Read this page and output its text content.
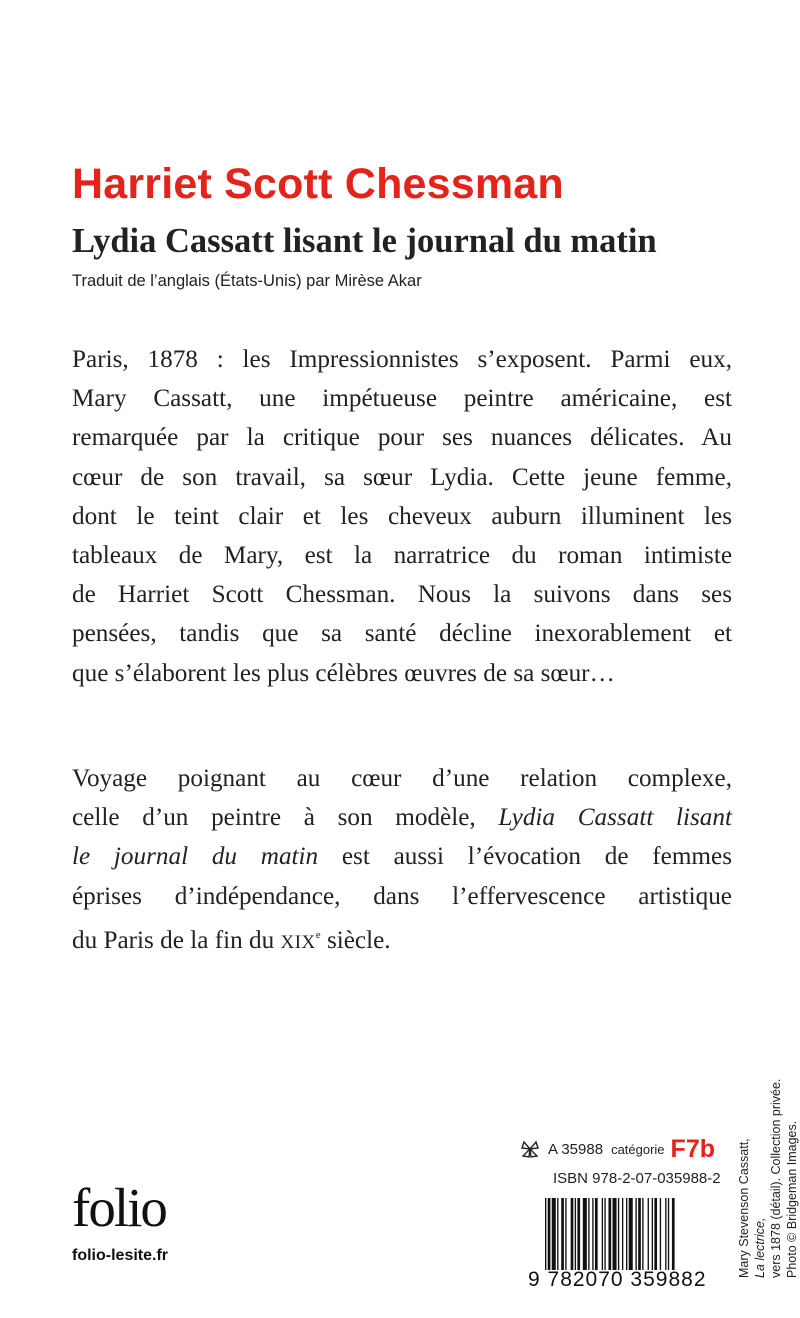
Harriet Scott Chessman
Lydia Cassatt lisant le journal du matin

Traduit de l’anglais (États-Unis) par Mirèse Akar

Paris, 1878 : les Impressionnistes s’exposent. Parmi eux,
Mary Cassatt, une impétueuse peintre américaine, est
remarquée par la critique pour ses nuances délicates. Au
cœur de son travail, sa sœur Lydia. Cette jeune femme,
dont le teint clair et les cheveux auburn illuminent les
tableaux de Mary, est la narratrice du roman intimiste
de Harriet Scott Chessman. Nous la suivons dans ses
pensées, tandis que sa santé décline inexorablement et
que s’élaborent les plus célèbres œuvres de sa sœur…
Voyage poignant au cœur d’une relation complexe,
celle d’un peintre à son modèle, Lydia Cassatt lisant
le journal du matin est aussi l’évocation de femmes
éprises d’indépendance, dans l’effervescence artistique
du Paris de la fin du XIXe siècle.
folio
folio-lesite.fr
A 35988 catégorie F7b
ISBN 978-2-07-035988-2
9 782070 359882
Mary Stevenson Cassatt, La lectrice, vers 1878 (détail). Collection privée. Photo © Bridgeman Images.
